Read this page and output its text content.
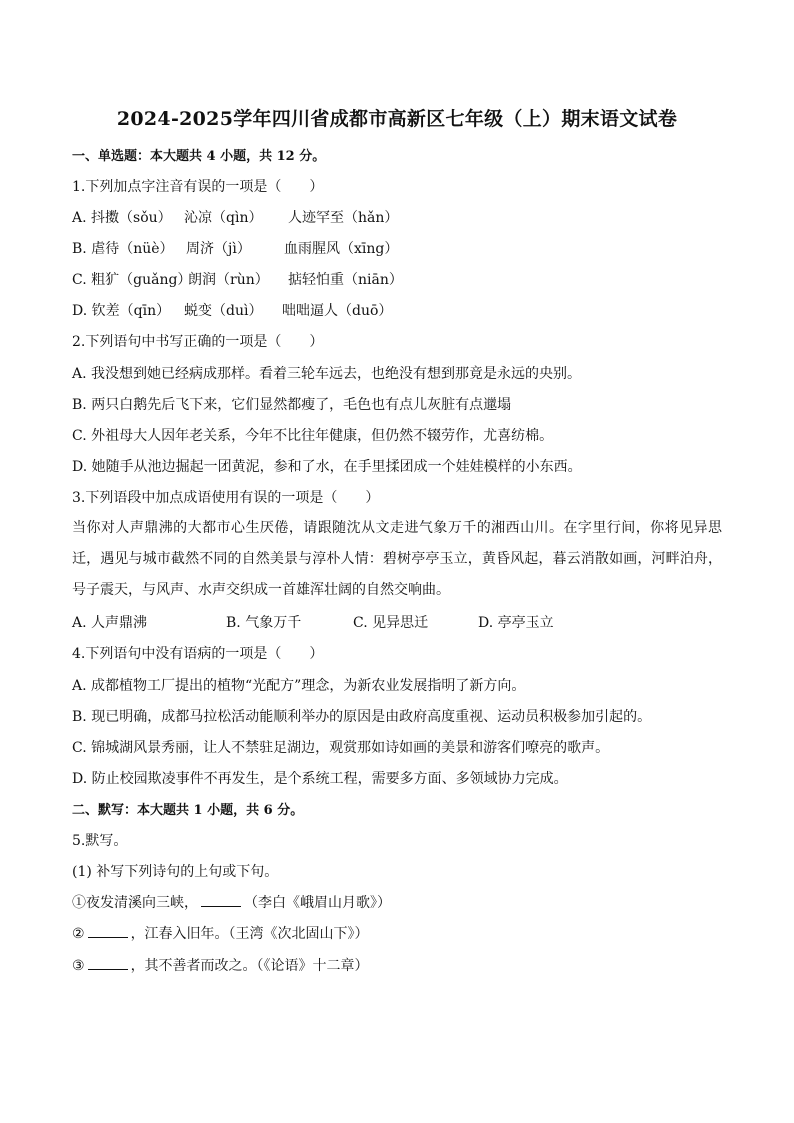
2024-2025学年四川省成都市高新区七年级（上）期末语文试卷
一、单选题：本大题共 4 小题，共 12 分。
1.下列加点字注音有误的一项是（　　）
A. 抖擞（sǒu） 沁凉（qìn） 人迹罕至（hǎn）
B. 虐待（nüè） 周济（jì） 血雨腥风（xīng）
C. 粗犷（guǎng）朗润（rùn） 掂轻怕重（niān）
D. 钦差（qīn） 蜕变（duì） 咄咄逼人（duō）
2.下列语句中书写正确的一项是（　　）
A. 我没想到她已经病成那样。看着三轮车远去，也绝没有想到那竟是永远的央别。
B. 两只白鹅先后飞下来，它们显然都瘦了，毛色也有点儿灰脏有点邋塌
C. 外祖母大人因年老关系，今年不比往年健康，但仍然不辍劳作，尤喜纺棉。
D. 她随手从池边掘起一团黄泥，参和了水，在手里揉团成一个娃娃模样的小东西。
3.下列语段中加点成语使用有误的一项是（　　）
当你对人声鼎沸的大都市心生厌倦，请跟随沈从文走进气象万千的湘西山川。在字里行间，你将见异思迁，遇见与城市截然不同的自然美景与淳朴人情：碧树亭亭玉立，黄昏风起，暮云消散如画，河畔泊舟，号子震天，与风声、水声交织成一首雄浑壮阔的自然交响曲。
A. 人声鼎沸	B. 气象万千	C. 见异思迁	D. 亭亭玉立
4.下列语句中没有语病的一项是（　　）
A. 成都植物工厂提出的植物“光配方”理念，为新农业发展指明了新方向。
B. 现已明确，成都马拉松活动能顺利举办的原因是由政府高度重视、运动员积极参加引起的。
C. 锦城湖风景秀丽，让人不禁驻足湖边，观赏那如诗如画的美景和游客们嘹亮的歌声。
D. 防止校园欺凌事件不再发生，是个系统工程，需要多方面、多领域协力完成。
二、默写：本大题共 1 小题，共 6 分。
5.默写。
(1) 补写下列诗句的上句或下句。
①夜发清溪向三峡，	（李白《峨眉山月歌》）
②	，江春入旧年。（王湾《次北固山下》）
③	，其不善者而改之。（《论语》十二章）
